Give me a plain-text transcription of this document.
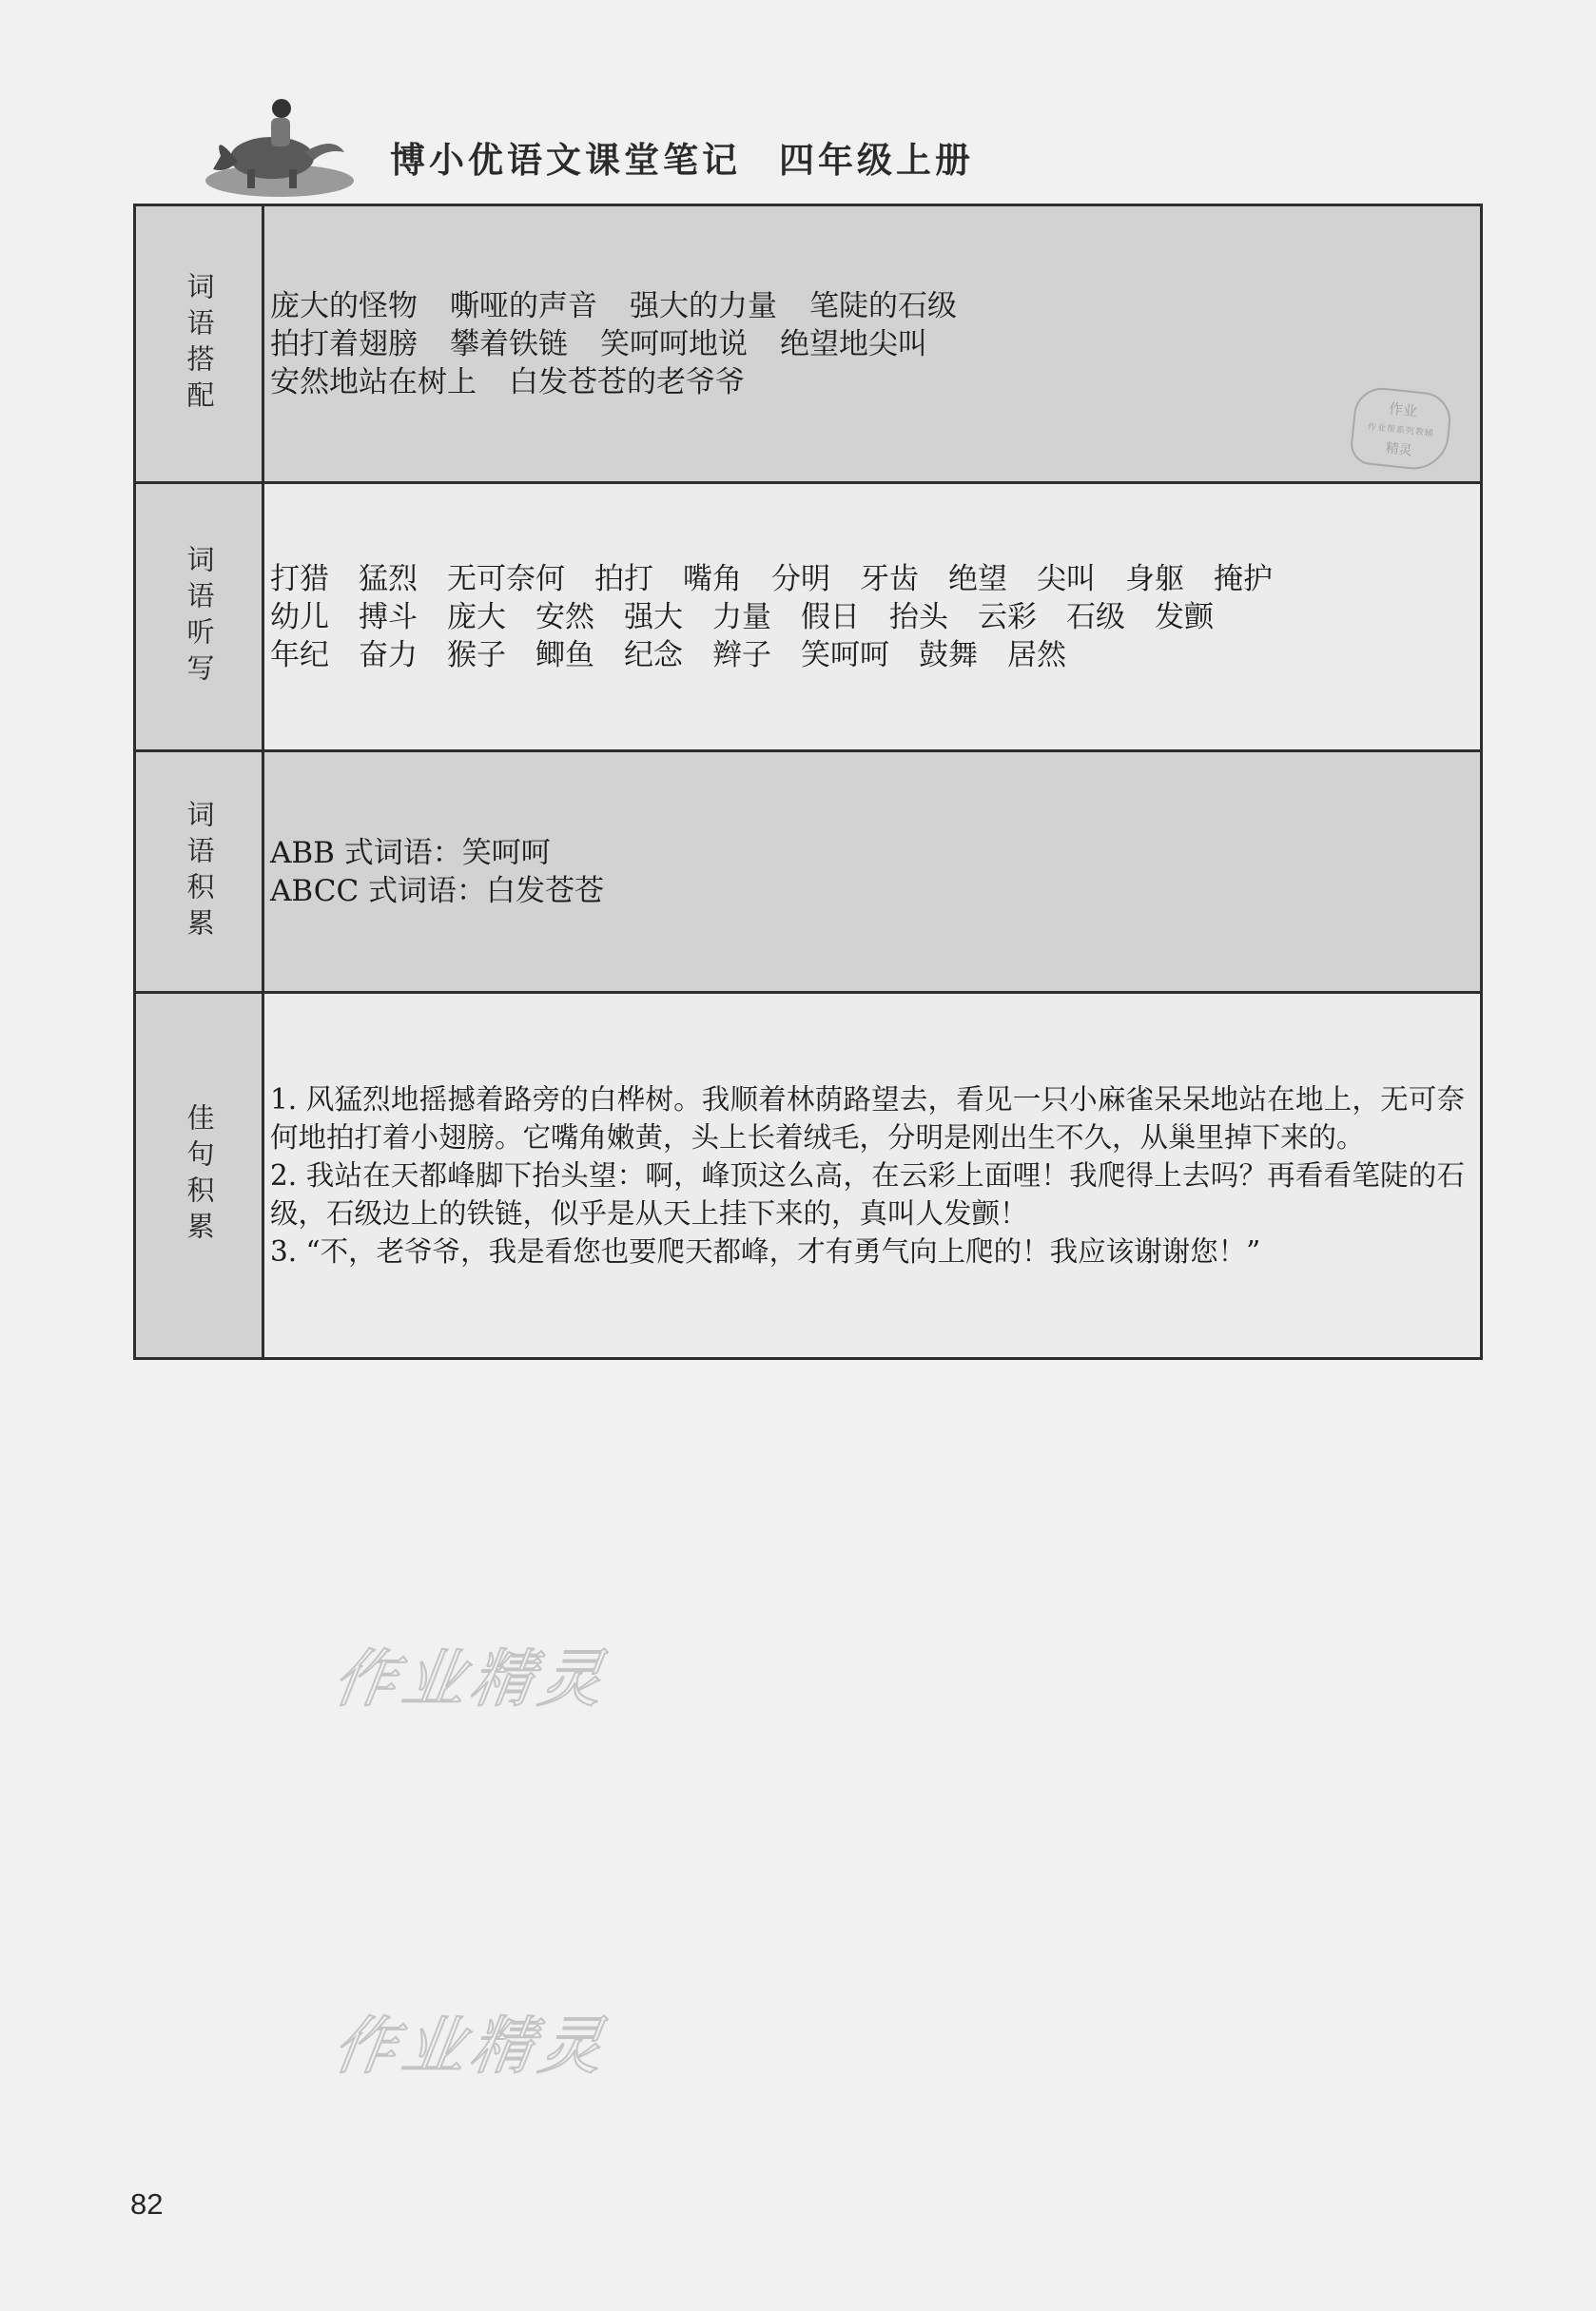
博小优语文课堂笔记 四年级上册
词语搭配 庞大的怪物 嘶哑的声音 强大的力量 笔陡的石级
拍打着翅膀 攀着铁链 笑呵呵地说 绝望地尖叫
安然地站在树上 白发苍苍的老爷爷
作业
作业帮系列教辅
精灵
词语听写 打猎 猛烈 无可奈何 拍打 嘴角 分明 牙齿 绝望 尖叫 身躯 掩护
幼儿 搏斗 庞大 安然 强大 力量 假日 抬头 云彩 石级 发颤
年纪 奋力 猴子 鲫鱼 纪念 辫子 笑呵呵 鼓舞 居然
词语积累 ABB 式词语：笑呵呵
ABCC 式词语：白发苍苍
佳句积累
1. 风猛烈地摇撼着路旁的白桦树。我顺着林荫路望去，看见一只小麻雀呆呆地站在地上，无可奈何地拍打着小翅膀。它嘴角嫩黄，头上长着绒毛，分明是刚出生不久，从巢里掉下来的。
2. 我站在天都峰脚下抬头望：啊，峰顶这么高，在云彩上面哩！我爬得上去吗？再看看笔陡的石级，石级边上的铁链，似乎是从天上挂下来的，真叫人发颤！
3. “不，老爷爷，我是看您也要爬天都峰，才有勇气向上爬的！我应该谢谢您！”
作业精灵
作业精灵
82
